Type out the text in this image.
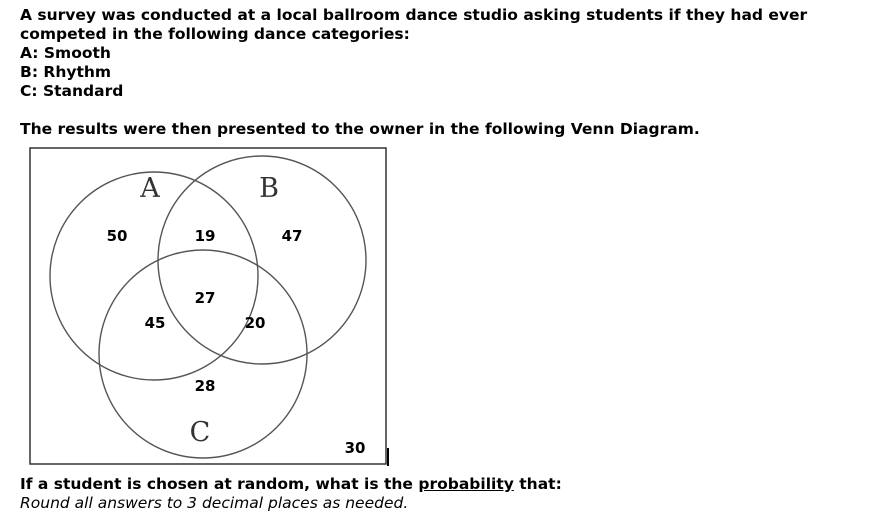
A survey was conducted at a local ballroom dance studio asking students if they had ever competed in the following dance categories:

A: Smooth

B: Rhythm

C: Standard

The results were then presented to the owner in the following Venn Diagram.

A	B
C
50	19	47
27
45	20
28
30

If a student is chosen at random, what is the probability that:

Round all answers to 3 decimal places as needed.
